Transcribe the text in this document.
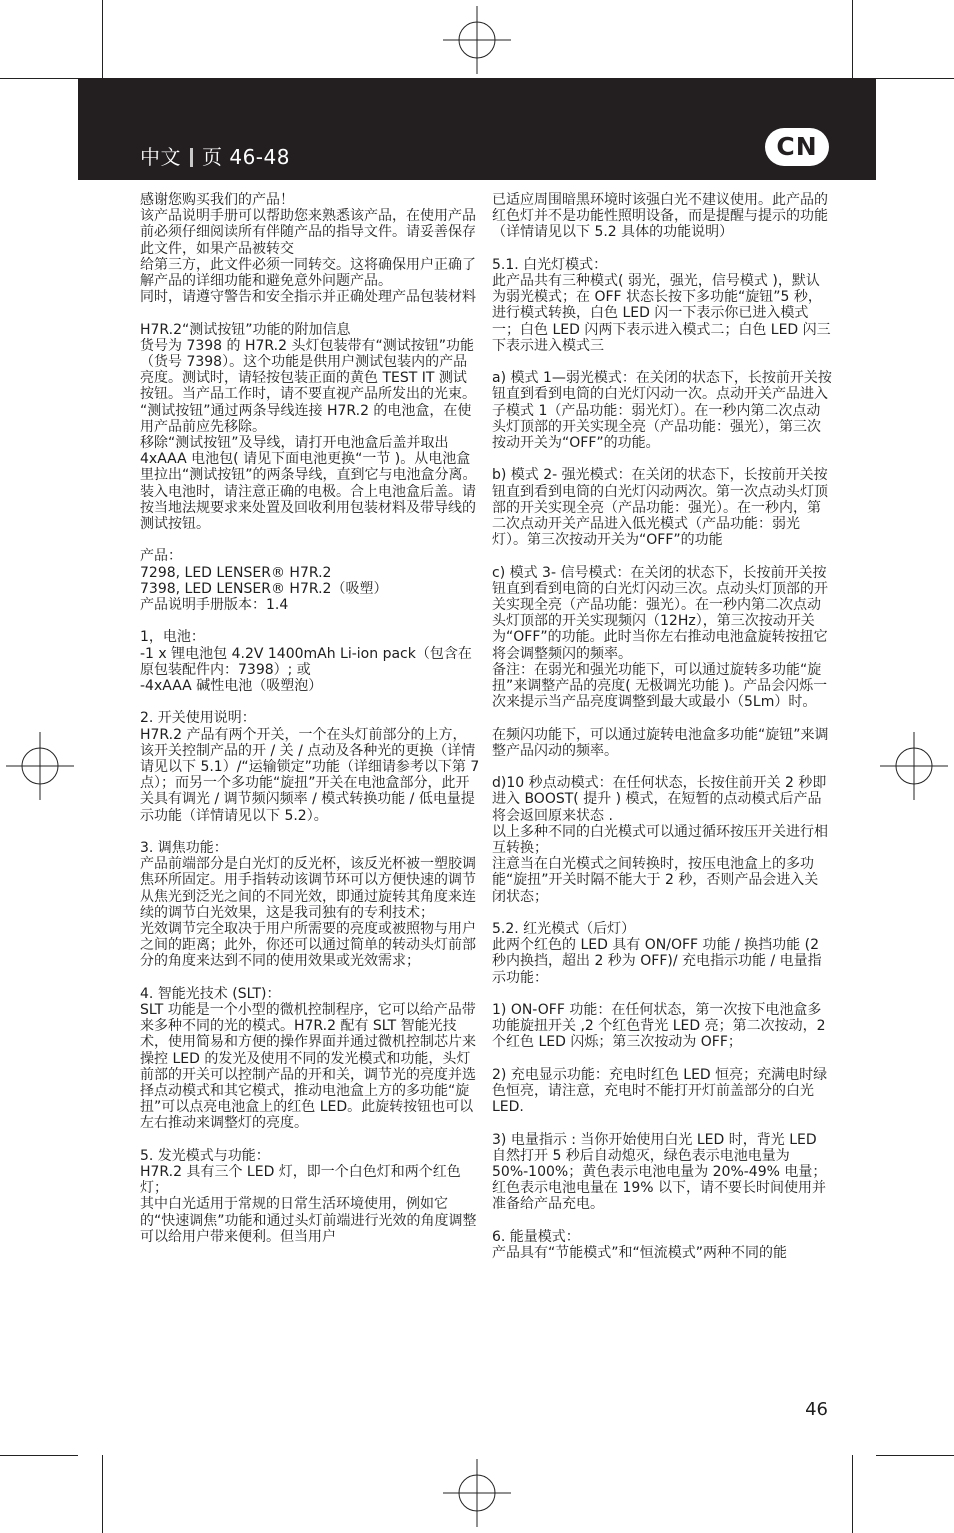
中文 页 46-48	CN

感谢您购买我们的产品！
该产品说明手册可以帮助您来熟悉该产品，在使用产品前必须仔细阅读所有伴随产品的指导文件。请妥善保存此文件，如果产品被转交
给第三方，此文件必须一同转交。这将确保用户正确了解产品的详细功能和避免意外问题产品。
同时，请遵守警告和安全指示并正确处理产品包装材料

H7R.2“测试按钮”功能的附加信息
货号为 7398 的 H7R.2 头灯包装带有“测试按钮”功能（货号 7398）。这个功能是供用户测试包装内的产品亮度。测试时，请轻按包装正面的黄色 TEST IT 测试按钮。当产品工作时，请不要直视产品所发出的光束。
“测试按钮”通过两条导线连接 H7R.2 的电池盒，在使用产品前应先移除。
移除“测试按钮”及导线，请打开电池盒后盖并取出 4xAAA 电池包( 请见下面电池更换“一节 )。从电池盒里拉出“测试按钮”的两条导线，直到它与电池盒分离。装入电池时，请注意正确的电极。合上电池盒后盖。请按当地法规要求来处置及回收利用包装材料及带导线的测试按钮。

产品：
7298, LED LENSER® H7R.2
7398, LED LENSER® H7R.2（吸塑）
产品说明手册版本：1.4

1，电池：
-1 x 锂电池包 4.2V 1400mAh Li-ion pack（包含在原包装配件内：7398）; 或
-4xAAA 碱性电池（吸塑泡）

2. 开关使用说明：
H7R.2 产品有两个开关，一个在头灯前部分的上方，该开关控制产品的开 / 关 / 点动及各种光的更换（详情请见以下 5.1）/“运输锁定”功能（详细请参考以下第 7 点）；而另一个多功能“旋扭”开关在电池盒部分，此开关具有调光 / 调节频闪频率 / 模式转换功能 / 低电量提示功能（详情请见以下 5.2）。

3. 调焦功能：
产品前端部分是白光灯的反光杯，该反光杯被一塑胶调焦环所固定。用手指转动该调节环可以方便快速的调节从焦光到泛光之间的不同光效，即通过旋转其角度来连续的调节白光效果，这是我司独有的专利技术；
光效调节完全取决于用户所需要的亮度或被照物与用户之间的距离；此外，你还可以通过简单的转动头灯前部分的角度来达到不同的使用效果或光效需求；

4. 智能光技术 (SLT)：
SLT 功能是一个小型的微机控制程序，它可以给产品带来多种不同的光的模式。H7R.2 配有 SLT 智能光技术，使用简易和方便的操作界面并通过微机控制芯片来操控 LED 的发光及使用不同的发光模式和功能，头灯前部的开关可以控制产品的开和关，调节光的亮度并选择点动模式和其它模式，推动电池盒上方的多功能“旋扭”可以点亮电池盒上的红色 LED。此旋转按钮也可以左右推动来调整灯的亮度。

5. 发光模式与功能：
H7R.2 具有三个 LED 灯，即一个白色灯和两个红色灯；
其中白光适用于常规的日常生活环境使用，例如它的“快速调焦”功能和通过头灯前端进行光效的角度调整可以给用户带来便利。但当用户

已适应周围暗黑环境时该强白光不建议使用。此产品的红色灯并不是功能性照明设备，而是提醒与提示的功能（详情请见以下 5.2 具体的功能说明）

5.1. 白光灯模式：
此产品共有三种模式( 弱光，强光，信号模式 )，默认为弱光模式；在 OFF 状态长按下多功能“旋钮”5 秒，进行模式转换，白色 LED 闪一下表示你已进入模式一；白色 LED 闪两下表示进入模式二；白色 LED 闪三下表示进入模式三

a) 模式 1—弱光模式：在关闭的状态下，长按前开关按钮直到看到电筒的白光灯闪动一次。点动开关产品进入子模式 1（产品功能：弱光灯）。在一秒内第二次点动头灯顶部的开关实现全亮（产品功能：强光），第三次按动开关为“OFF”的功能。

b) 模式 2- 强光模式：在关闭的状态下，长按前开关按钮直到看到电筒的白光灯闪动两次。第一次点动头灯顶部的开关实现全亮（产品功能：强光）。在一秒内，第二次点动开关产品进入低光模式（产品功能：弱光灯）。第三次按动开关为“OFF”的功能

c) 模式 3- 信号模式：在关闭的状态下，长按前开关按钮直到看到电筒的白光灯闪动三次。点动头灯顶部的开关实现全亮（产品功能：强光）。在一秒内第二次点动头灯顶部的开关实现频闪（12Hz），第三次按动开关为“OFF”的功能。此时当你左右推动电池盒旋转按扭它将会调整频闪的频率。
备注：在弱光和强光功能下，可以通过旋转多功能“旋扭”来调整产品的亮度( 无极调光功能 )。产品会闪烁一次来提示当产品亮度调整到最大或最小（5Lm）时。

在频闪功能下，可以通过旋转电池盒多功能“旋钮”来调整产品闪动的频率。

d)10 秒点动模式：在任何状态，长按住前开关 2 秒即进入 BOOST( 提升 ) 模式，在短暂的点动模式后产品将会返回原来状态 .
以上多种不同的白光模式可以通过循环按压开关进行相互转换；
注意当在白光模式之间转换时，按压电池盒上的多功能“旋扭”开关时隔不能大于 2 秒，否则产品会进入关闭状态；

5.2. 红光模式（后灯）
此两个红色的 LED 具有 ON/OFF 功能 / 换挡功能 (2 秒内换挡，超出 2 秒为 OFF)/ 充电指示功能 / 电量指示功能：

1) ON-OFF 功能：在任何状态，第一次按下电池盒多功能旋扭开关 ,2 个红色背光 LED 亮；第二次按动，2 个红色 LED 闪烁；第三次按动为 OFF；

2) 充电显示功能：充电时红色 LED 恒亮；充满电时绿色恒亮，请注意，充电时不能打开灯前盖部分的白光 LED.

3) 电量指示 : 当你开始使用白光 LED 时，背光 LED 自然打开 5 秒后自动熄灭，绿色表示电池电量为 50%-100%；黄色表示电池电量为 20%-49% 电量；红色表示电池电量在 19% 以下，请不要长时间使用并准备给产品充电。

6. 能量模式：
产品具有“节能模式”和“恒流模式”两种不同的能

46
